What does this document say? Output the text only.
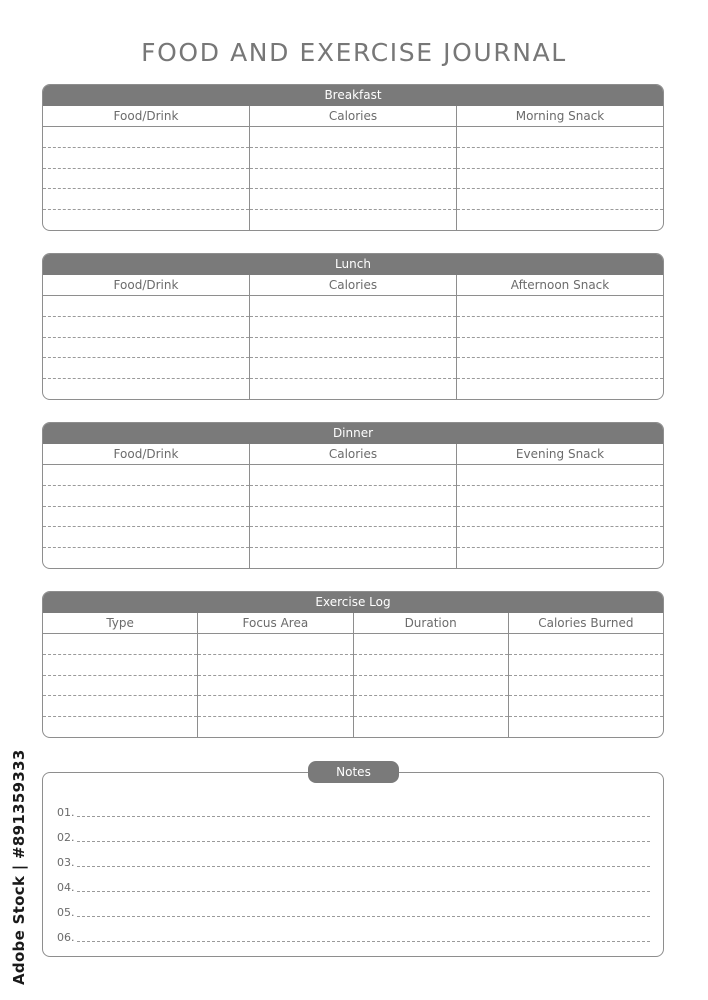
FOOD AND EXERCISE JOURNAL
Breakfast
Food/Drink	Calories	Morning Snack
Lunch
Food/Drink	Calories	Afternoon Snack
Dinner
Food/Drink	Calories	Evening Snack
Exercise Log
Type	Focus Area	Duration	Calories Burned
Notes
01.
02.
03.
04.
05.
06.
Adobe Stock | #891359333
